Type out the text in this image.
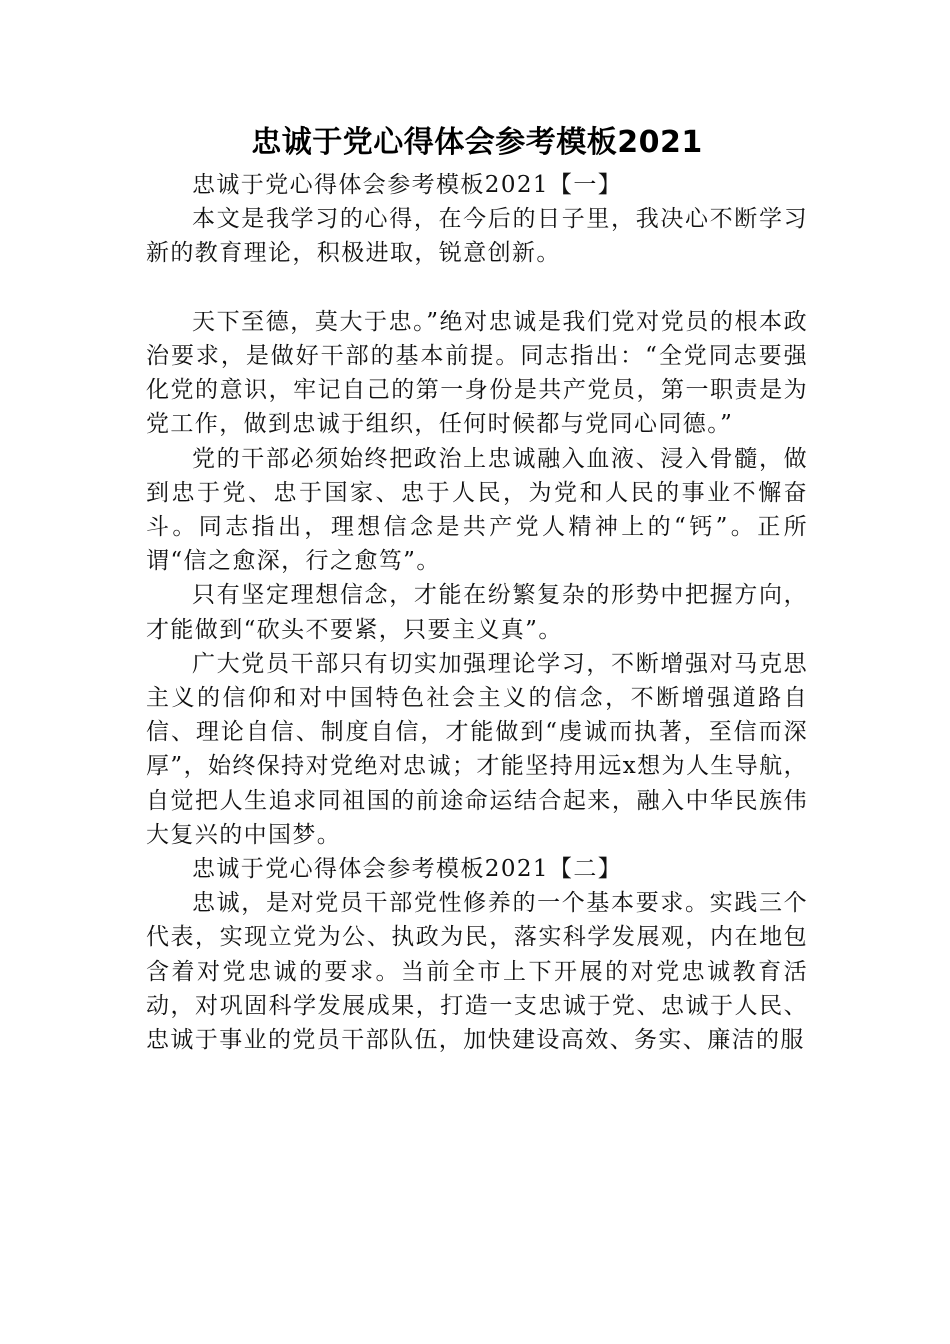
忠诚于党心得体会参考模板2021

忠诚于党心得体会参考模板2021【一】

本文是我学习的心得，在今后的日子里，我决心不断学习新的教育理论，积极进取，锐意创新。

天下至德，莫大于忠。”绝对忠诚是我们党对党员的根本政治要求，是做好干部的基本前提。同志指出：“全党同志要强化党的意识，牢记自己的第一身份是共产党员，第一职责是为党工作，做到忠诚于组织，任何时候都与党同心同德。”

党的干部必须始终把政治上忠诚融入血液、浸入骨髓，做到忠于党、忠于国家、忠于人民，为党和人民的事业不懈奋斗。同志指出，理想信念是共产党人精神上的“钙”。正所谓“信之愈深，行之愈笃”。

只有坚定理想信念，才能在纷繁复杂的形势中把握方向，才能做到“砍头不要紧，只要主义真”。

广大党员干部只有切实加强理论学习，不断增强对马克思主义的信仰和对中国特色社会主义的信念，不断增强道路自信、理论自信、制度自信，才能做到“虔诚而执著，至信而深厚”，始终保持对党绝对忠诚；才能坚持用远x想为人生导航，自觉把人生追求同祖国的前途命运结合起来，融入中华民族伟大复兴的中国梦。

忠诚于党心得体会参考模板2021【二】

忠诚，是对党员干部党性修养的一个基本要求。实践三个代表，实现立党为公、执政为民，落实科学发展观，内在地包含着对党忠诚的要求。当前全市上下开展的对党忠诚教育活动，对巩固科学发展成果，打造一支忠诚于党、忠诚于人民、忠诚于事业的党员干部队伍，加快建设高效、务实、廉洁的服
